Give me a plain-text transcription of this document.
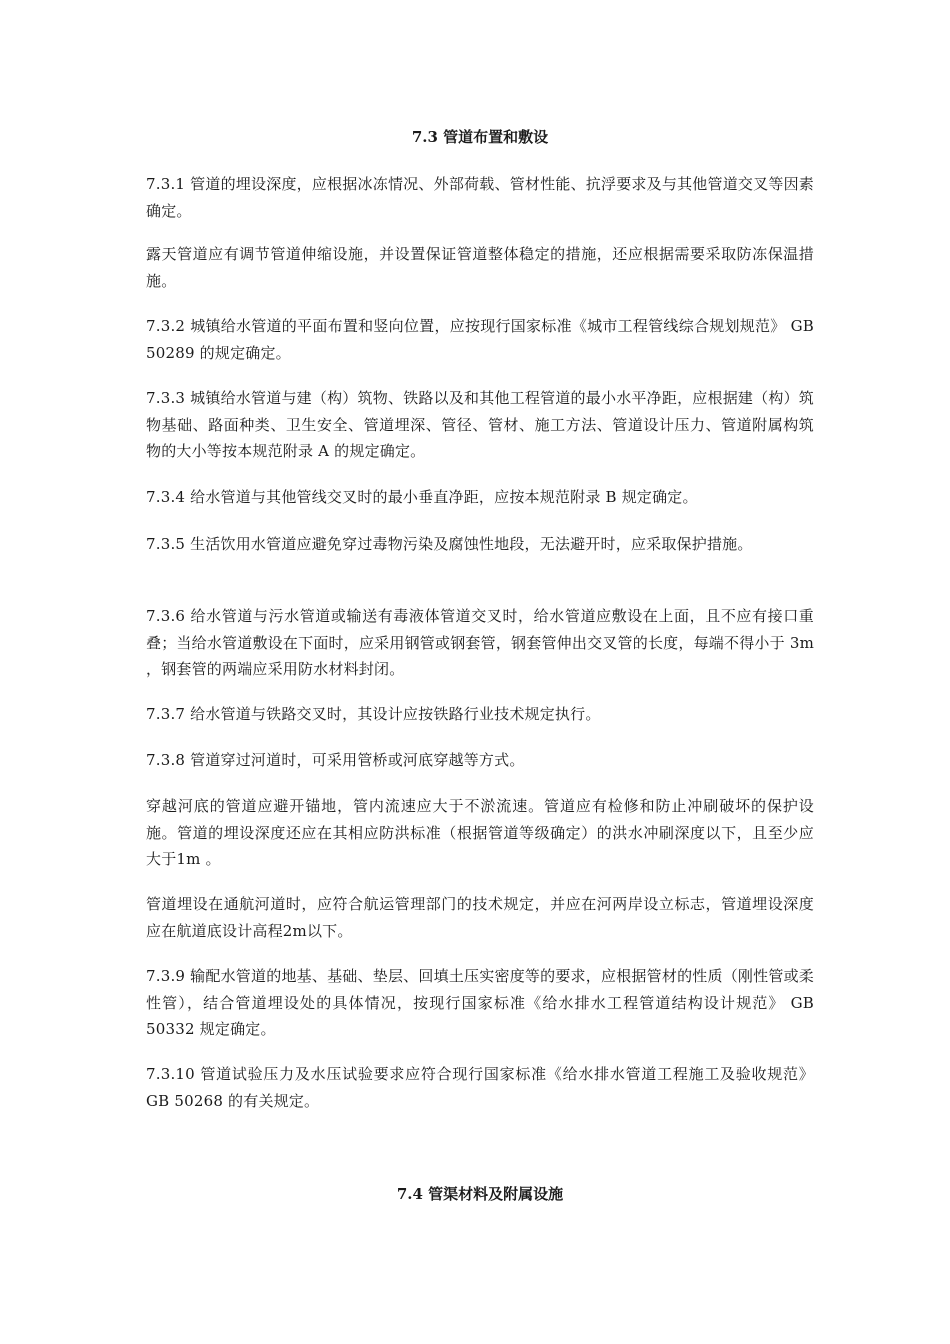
7.3 管道布置和敷设

7.3.1 管道的埋设深度，应根据冰冻情况、外部荷载、管材性能、抗浮要求及与其他管道交叉等因素确定。

露天管道应有调节管道伸缩设施，并设置保证管道整体稳定的措施，还应根据需要采取防冻保温措施。

7.3.2 城镇给水管道的平面布置和竖向位置，应按现行国家标准《城市工程管线综合规划规范》 GB 50289 的规定确定。

7.3.3 城镇给水管道与建（构）筑物、铁路以及和其他工程管道的最小水平净距，应根据建（构）筑物基础、路面种类、卫生安全、管道埋深、管径、管材、施工方法、管道设计压力、管道附属构筑物的大小等按本规范附录 A 的规定确定。

7.3.4 给水管道与其他管线交叉时的最小垂直净距，应按本规范附录 B 规定确定。

7.3.5 生活饮用水管道应避免穿过毒物污染及腐蚀性地段，无法避开时，应采取保护措施。

7.3.6 给水管道与污水管道或输送有毒液体管道交叉时，给水管道应敷设在上面，且不应有接口重叠；当给水管道敷设在下面时，应采用钢管或钢套管，钢套管伸出交叉管的长度，每端不得小于 3m ，钢套管的两端应采用防水材料封闭。

7.3.7 给水管道与铁路交叉时，其设计应按铁路行业技术规定执行。

7.3.8 管道穿过河道时，可采用管桥或河底穿越等方式。

穿越河底的管道应避开锚地，管内流速应大于不淤流速。管道应有检修和防止冲刷破坏的保护设施。管道的埋设深度还应在其相应防洪标准（根据管道等级确定）的洪水冲刷深度以下，且至少应大于1m 。

管道埋设在通航河道时，应符合航运管理部门的技术规定，并应在河两岸设立标志，管道埋设深度应在航道底设计高程2m以下。

7.3.9 输配水管道的地基、基础、垫层、回填土压实密度等的要求，应根据管材的性质（刚性管或柔性管），结合管道埋设处的具体情况，按现行国家标准《给水排水工程管道结构设计规范》 GB 50332 规定确定。

7.3.10 管道试验压力及水压试验要求应符合现行国家标准《给水排水管道工程施工及验收规范》 GB 50268 的有关规定。

7.4 管渠材料及附属设施
